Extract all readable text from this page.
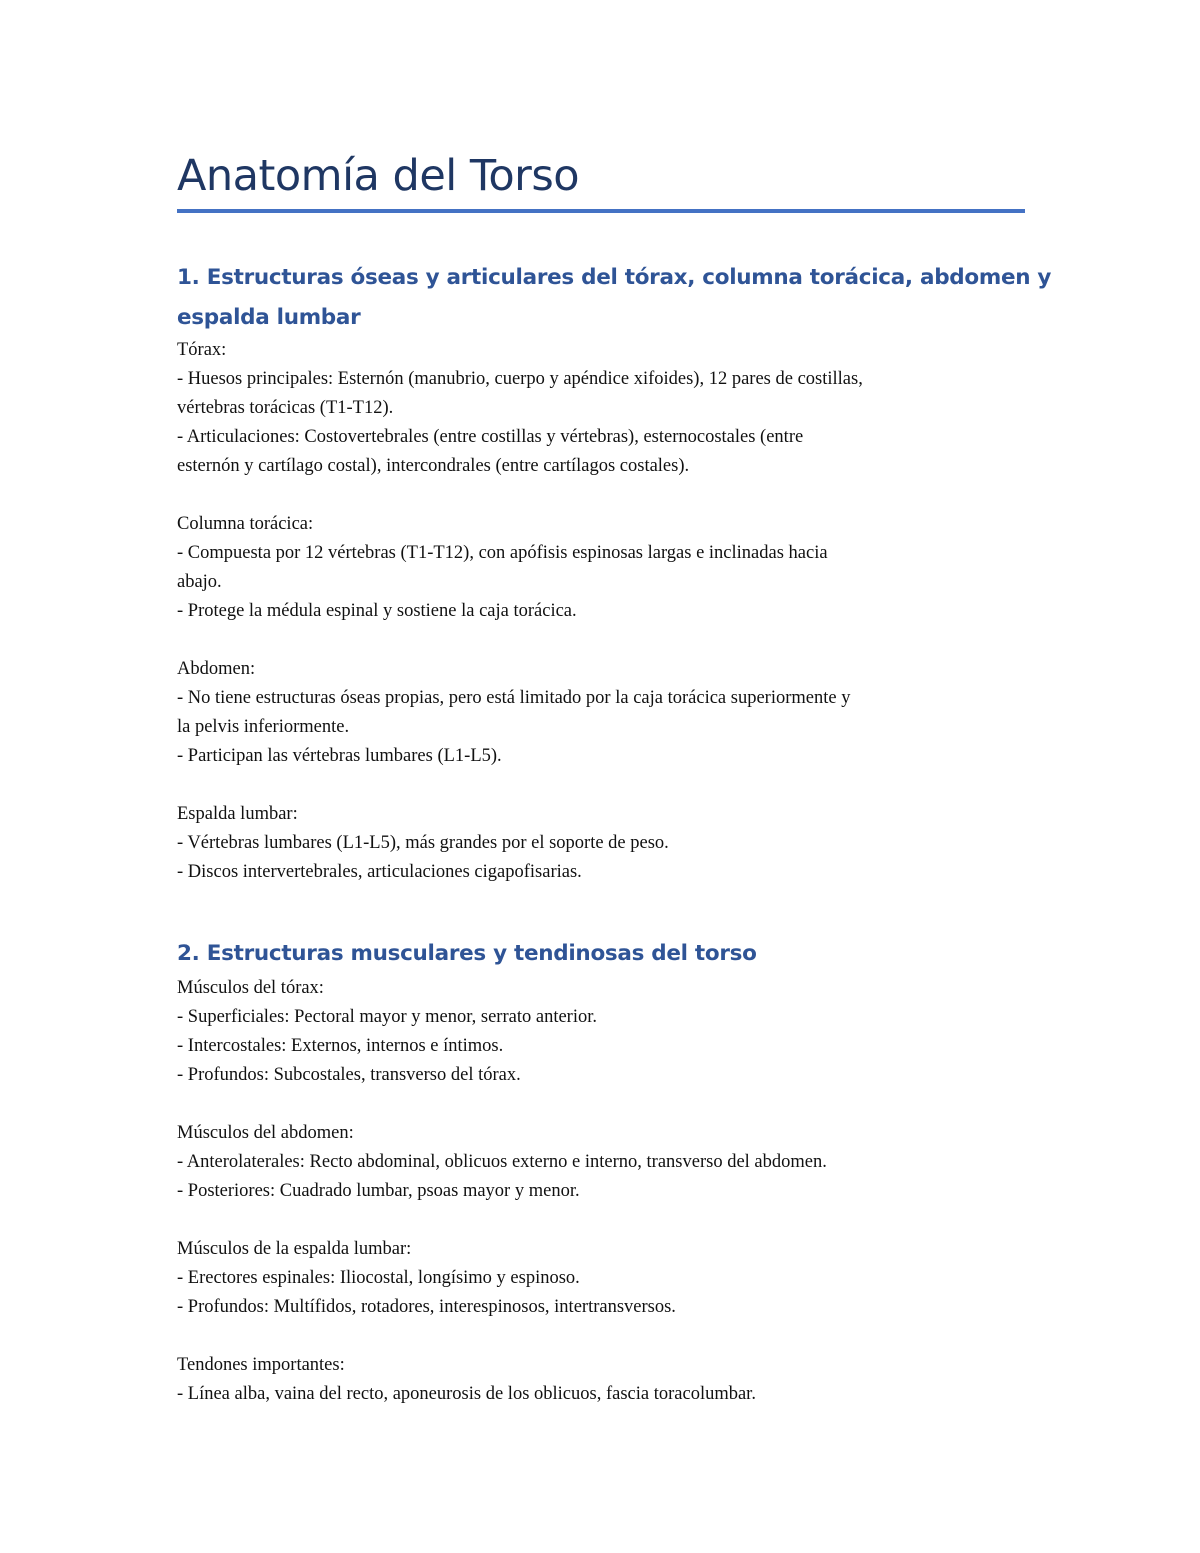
Anatomía del Torso
1. Estructuras óseas y articulares del tórax, columna torácica, abdomen y
espalda lumbar
Tórax:
- Huesos principales: Esternón (manubrio, cuerpo y apéndice xifoides), 12 pares de costillas,
vértebras torácicas (T1-T12).
- Articulaciones: Costovertebrales (entre costillas y vértebras), esternocostales (entre
esternón y cartílago costal), intercondrales (entre cartílagos costales).
Columna torácica:
- Compuesta por 12 vértebras (T1-T12), con apófisis espinosas largas e inclinadas hacia
abajo.
- Protege la médula espinal y sostiene la caja torácica.
Abdomen:
- No tiene estructuras óseas propias, pero está limitado por la caja torácica superiormente y
la pelvis inferiormente.
- Participan las vértebras lumbares (L1-L5).
Espalda lumbar:
- Vértebras lumbares (L1-L5), más grandes por el soporte de peso.
- Discos intervertebrales, articulaciones cigapofisarias.
2. Estructuras musculares y tendinosas del torso
Músculos del tórax:
- Superficiales: Pectoral mayor y menor, serrato anterior.
- Intercostales: Externos, internos e íntimos.
- Profundos: Subcostales, transverso del tórax.
Músculos del abdomen:
- Anterolaterales: Recto abdominal, oblicuos externo e interno, transverso del abdomen.
- Posteriores: Cuadrado lumbar, psoas mayor y menor.
Músculos de la espalda lumbar:
- Erectores espinales: Iliocostal, longísimo y espinoso.
- Profundos: Multífidos, rotadores, interespinosos, intertransversos.
Tendones importantes:
- Línea alba, vaina del recto, aponeurosis de los oblicuos, fascia toracolumbar.
